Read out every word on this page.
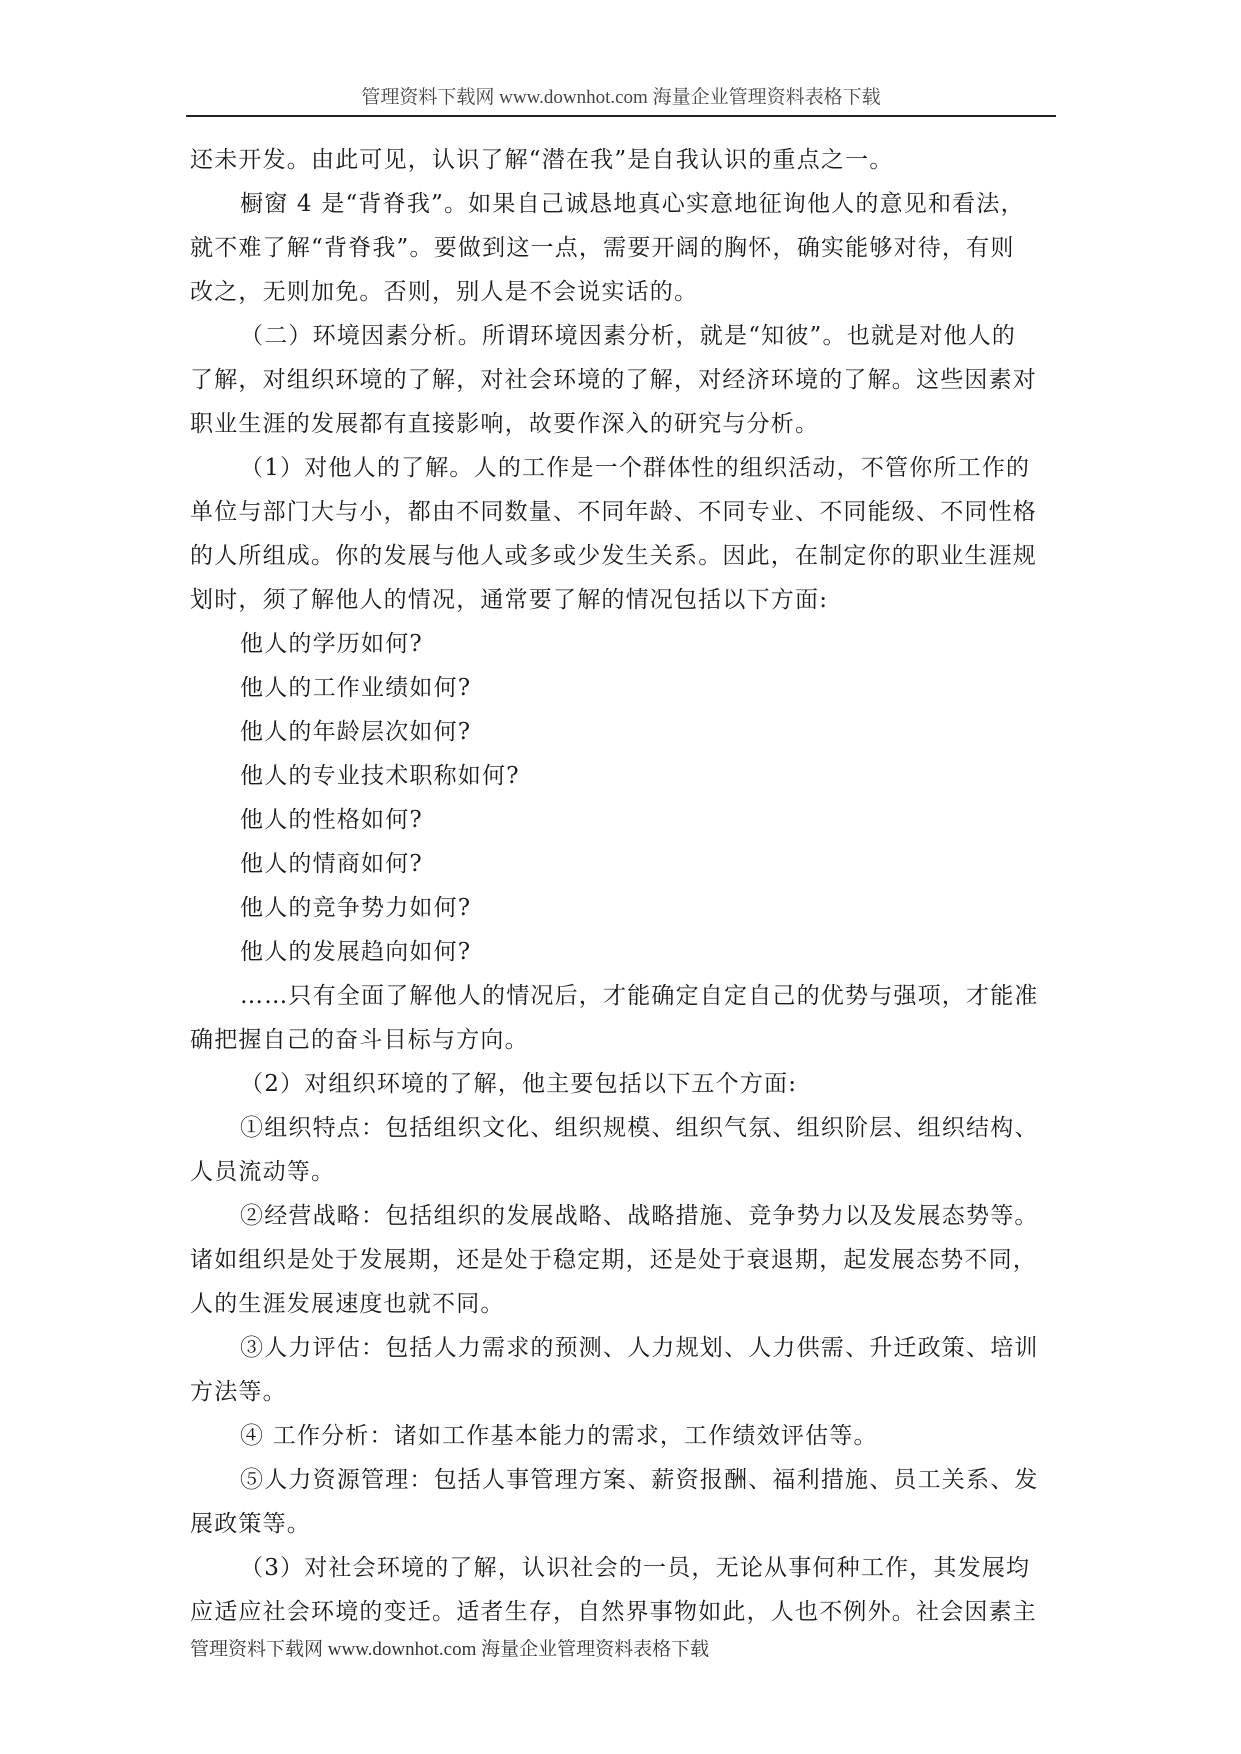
管理资料下载网 www.downhot.com 海量企业管理资料表格下载
还未开发。由此可见，认识了解“潜在我”是自我认识的重点之一。
橱窗 4 是“背脊我”。如果自己诚恳地真心实意地征询他人的意见和看法，
就不难了解“背脊我”。要做到这一点，需要开阔的胸怀，确实能够对待，有则
改之，无则加免。否则，别人是不会说实话的。
（二）环境因素分析。所谓环境因素分析，就是“知彼”。也就是对他人的
了解，对组织环境的了解，对社会环境的了解，对经济环境的了解。这些因素对
职业生涯的发展都有直接影响，故要作深入的研究与分析。
（1）对他人的了解。人的工作是一个群体性的组织活动，不管你所工作的
单位与部门大与小，都由不同数量、不同年龄、不同专业、不同能级、不同性格
的人所组成。你的发展与他人或多或少发生关系。因此，在制定你的职业生涯规
划时，须了解他人的情况，通常要了解的情况包括以下方面:
他人的学历如何?
他人的工作业绩如何?
他人的年龄层次如何?
他人的专业技术职称如何?
他人的性格如何?
他人的情商如何?
他人的竞争势力如何?
他人的发展趋向如何?
……只有全面了解他人的情况后，才能确定自定自己的优势与强项，才能准
确把握自己的奋斗目标与方向。
（2）对组织环境的了解，他主要包括以下五个方面:
①组织特点：包括组织文化、组织规模、组织气氛、组织阶层、组织结构、
人员流动等。
②经营战略：包括组织的发展战略、战略措施、竞争势力以及发展态势等。
诸如组织是处于发展期，还是处于稳定期，还是处于衰退期，起发展态势不同，
人的生涯发展速度也就不同。
③人力评估：包括人力需求的预测、人力规划、人力供需、升迁政策、培训
方法等。
④ 工作分析：诸如工作基本能力的需求，工作绩效评估等。
⑤人力资源管理：包括人事管理方案、薪资报酬、福利措施、员工关系、发
展政策等。
（3）对社会环境的了解，认识社会的一员，无论从事何种工作，其发展均
应适应社会环境的变迁。适者生存，自然界事物如此，人也不例外。社会因素主
管理资料下载网 www.downhot.com 海量企业管理资料表格下载
